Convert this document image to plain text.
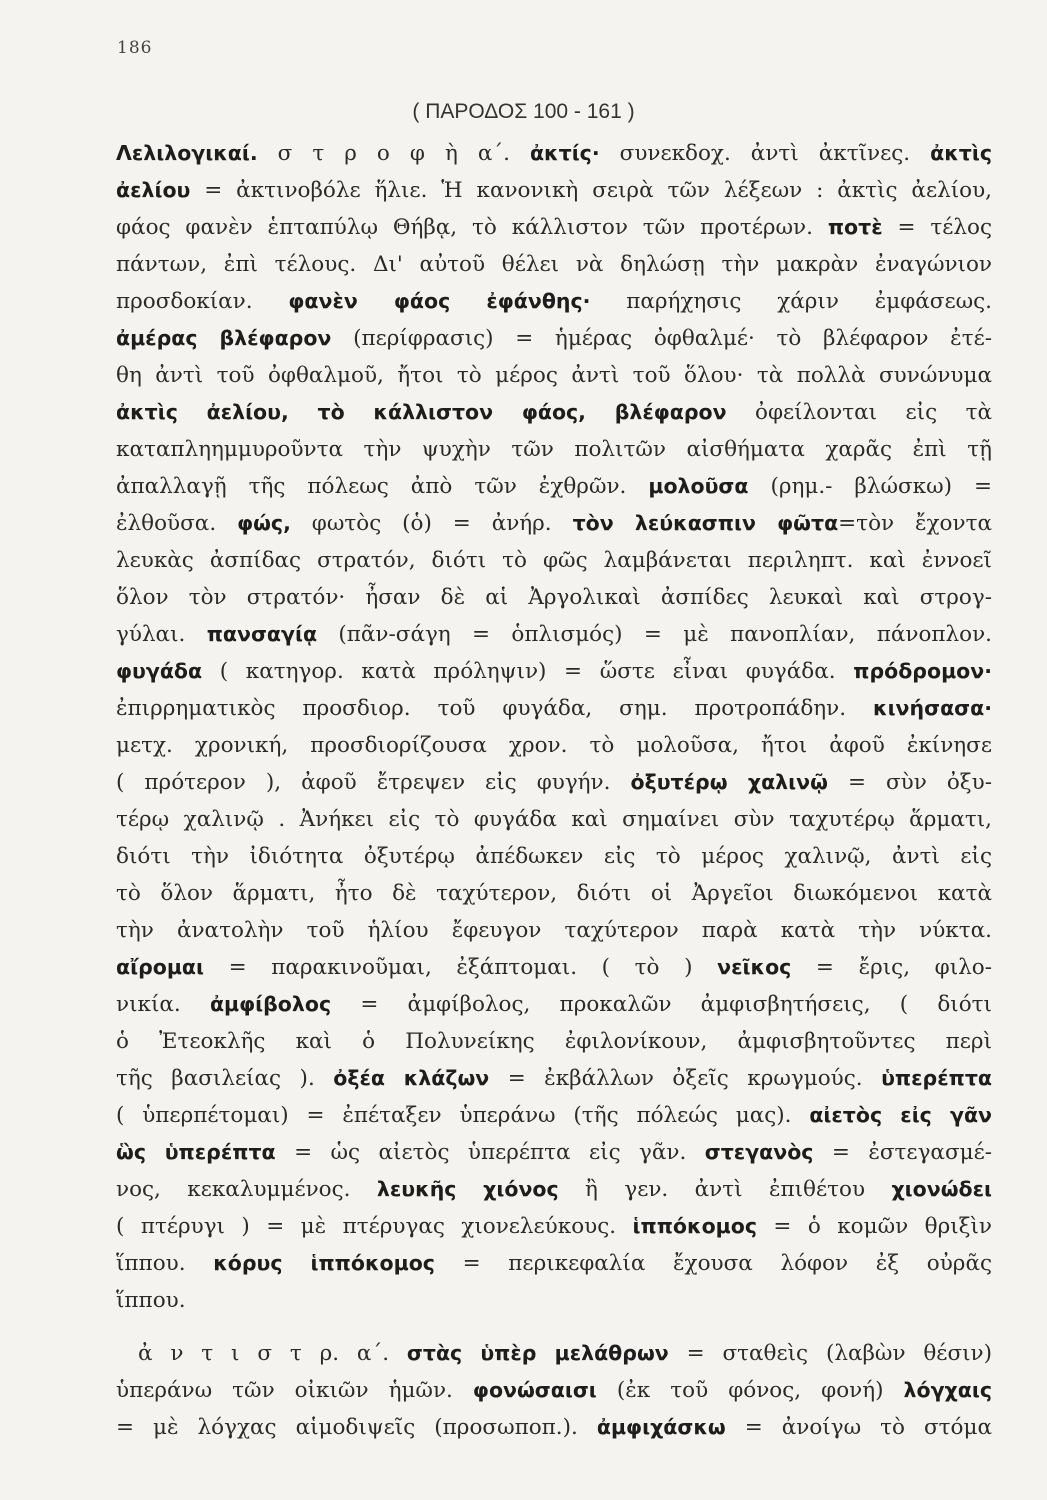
186
( ΠΑΡΟΔΟΣ 100 - 161 )
Λελιλογικαί. σ τ ρ ο φ ὴ α΄. ἀκτίς· συνεκδοχ. ἀντὶ ἀκτῖνες. ἀκτὶς
ἀελίου = ἀκτινοβόλε ἥλιε. Ἡ κανονικὴ σειρὰ τῶν λέξεων : ἀκτὶς ἀελίου,
φάος φανὲν ἑπταπύλῳ Θήβᾳ, τὸ κάλλιστον τῶν προτέρων. ποτὲ = τέλος
πάντων, ἐπὶ τέλους. Δι' αὐτοῦ θέλει νὰ δηλώσῃ τὴν μακρὰν ἐναγώνιον
προσδοκίαν. φανὲν φάος ἐφάνθης· παρήχησις χάριν ἐμφάσεως.
ἀμέρας βλέφαρον (περίφρασις) = ἡμέρας ὀφθαλμέ· τὸ βλέφαρον ἐτέ-
θη ἀντὶ τοῦ ὀφθαλμοῦ, ἤτοι τὸ μέρος ἀντὶ τοῦ ὅλου· τὰ πολλὰ συνώνυμα
ἀκτὶς ἀελίου, τὸ κάλλιστον φάος, βλέφαρον ὀφείλονται εἰς τὰ
καταπληημμυροῦντα τὴν ψυχὴν τῶν πολιτῶν αἰσθήματα χαρᾶς ἐπὶ τῇ
ἀπαλλαγῇ τῆς πόλεως ἀπὸ τῶν ἐχθρῶν. μολοῦσα (ρημ.- βλώσκω) =
ἐλθοῦσα. φώς, φωτὸς (ὁ) = ἀνήρ. τὸν λεύκασπιν φῶτα=τὸν ἔχοντα
λευκὰς ἀσπίδας στρατόν, διότι τὸ φῶς λαμβάνεται περιληπτ. καὶ ἐννοεῖ
ὅλον τὸν στρατόν· ἦσαν δὲ αἱ Ἀργολικαὶ ἀσπίδες λευκαὶ καὶ στρογ-
γύλαι. πανσαγίᾳ (πᾶν-σάγη = ὁπλισμός) = μὲ πανοπλίαν, πάνοπλον.
φυγάδα ( κατηγορ. κατὰ πρόληψιν) = ὥστε εἶναι φυγάδα. πρόδρομον·
ἐπιρρηματικὸς προσδιορ. τοῦ φυγάδα, σημ. προτροπάδην. κινήσασα·
μετχ. χρονική, προσδιορίζουσα χρον. τὸ μολοῦσα, ἤτοι ἀφοῦ ἐκίνησε
( πρότερον ), ἀφοῦ ἔτρεψεν εἰς φυγήν. ὀξυτέρῳ χαλινῷ = σὺν ὀξυ-
τέρῳ χαλινῷ . Ἀνήκει εἰς τὸ φυγάδα καὶ σημαίνει σὺν ταχυτέρῳ ἅρματι,
διότι τὴν ἰδιότητα ὀξυτέρῳ ἀπέδωκεν εἰς τὸ μέρος χαλινῷ, ἀντὶ εἰς
τὸ ὅλον ἅρματι, ἦτο δὲ ταχύτερον, διότι οἱ Ἀργεῖοι διωκόμενοι κατὰ
τὴν ἀνατολὴν τοῦ ἡλίου ἔφευγον ταχύτερον παρὰ κατὰ τὴν νύκτα.
αἴρομαι = παρακινοῦμαι, ἐξάπτομαι. ( τὸ ) νεῖκος = ἔρις, φιλο-
νικία. ἀμφίβολος = ἀμφίβολος, προκαλῶν ἀμφισβητήσεις, ( διότι
ὁ Ἐτεοκλῆς καὶ ὁ Πολυνείκης ἐφιλονίκουν, ἀμφισβητοῦντες περὶ
τῆς βασιλείας ). ὀξέα κλάζων = ἐκβάλλων ὀξεῖς κρωγμούς. ὑπερέπτα
( ὑπερπέτομαι) = ἐπέταξεν ὑπεράνω (τῆς πόλεώς μας). αἰετὸς εἰς γᾶν
ὣς ὑπερέπτα = ὡς αἰετὸς ὑπερέπτα εἰς γᾶν. στεγανὸς = ἐστεγασμέ-
νος, κεκαλυμμένος. λευκῆς χιόνος ἢ γεν. ἀντὶ ἐπιθέτου χιονώδει
( πτέρυγι ) = μὲ πτέρυγας χιονελεύκους. ἱππόκομος = ὁ κομῶν θριξὶν
ἵππου. κόρυς ἱππόκομος = περικεφαλία ἔχουσα λόφον ἐξ οὐρᾶς
ἵππου.
ἀ ν τ ι σ τ ρ. α΄. στὰς ὑπὲρ μελάθρων = σταθεὶς (λαβὼν θέσιν)
ὑπεράνω τῶν οἰκιῶν ἡμῶν. φονώσαισι (ἐκ τοῦ φόνος, φονή) λόγχαις
= μὲ λόγχας αἱμοδιψεῖς (προσωποπ.). ἀμφιχάσκω = ἀνοίγω τὸ στόμα
